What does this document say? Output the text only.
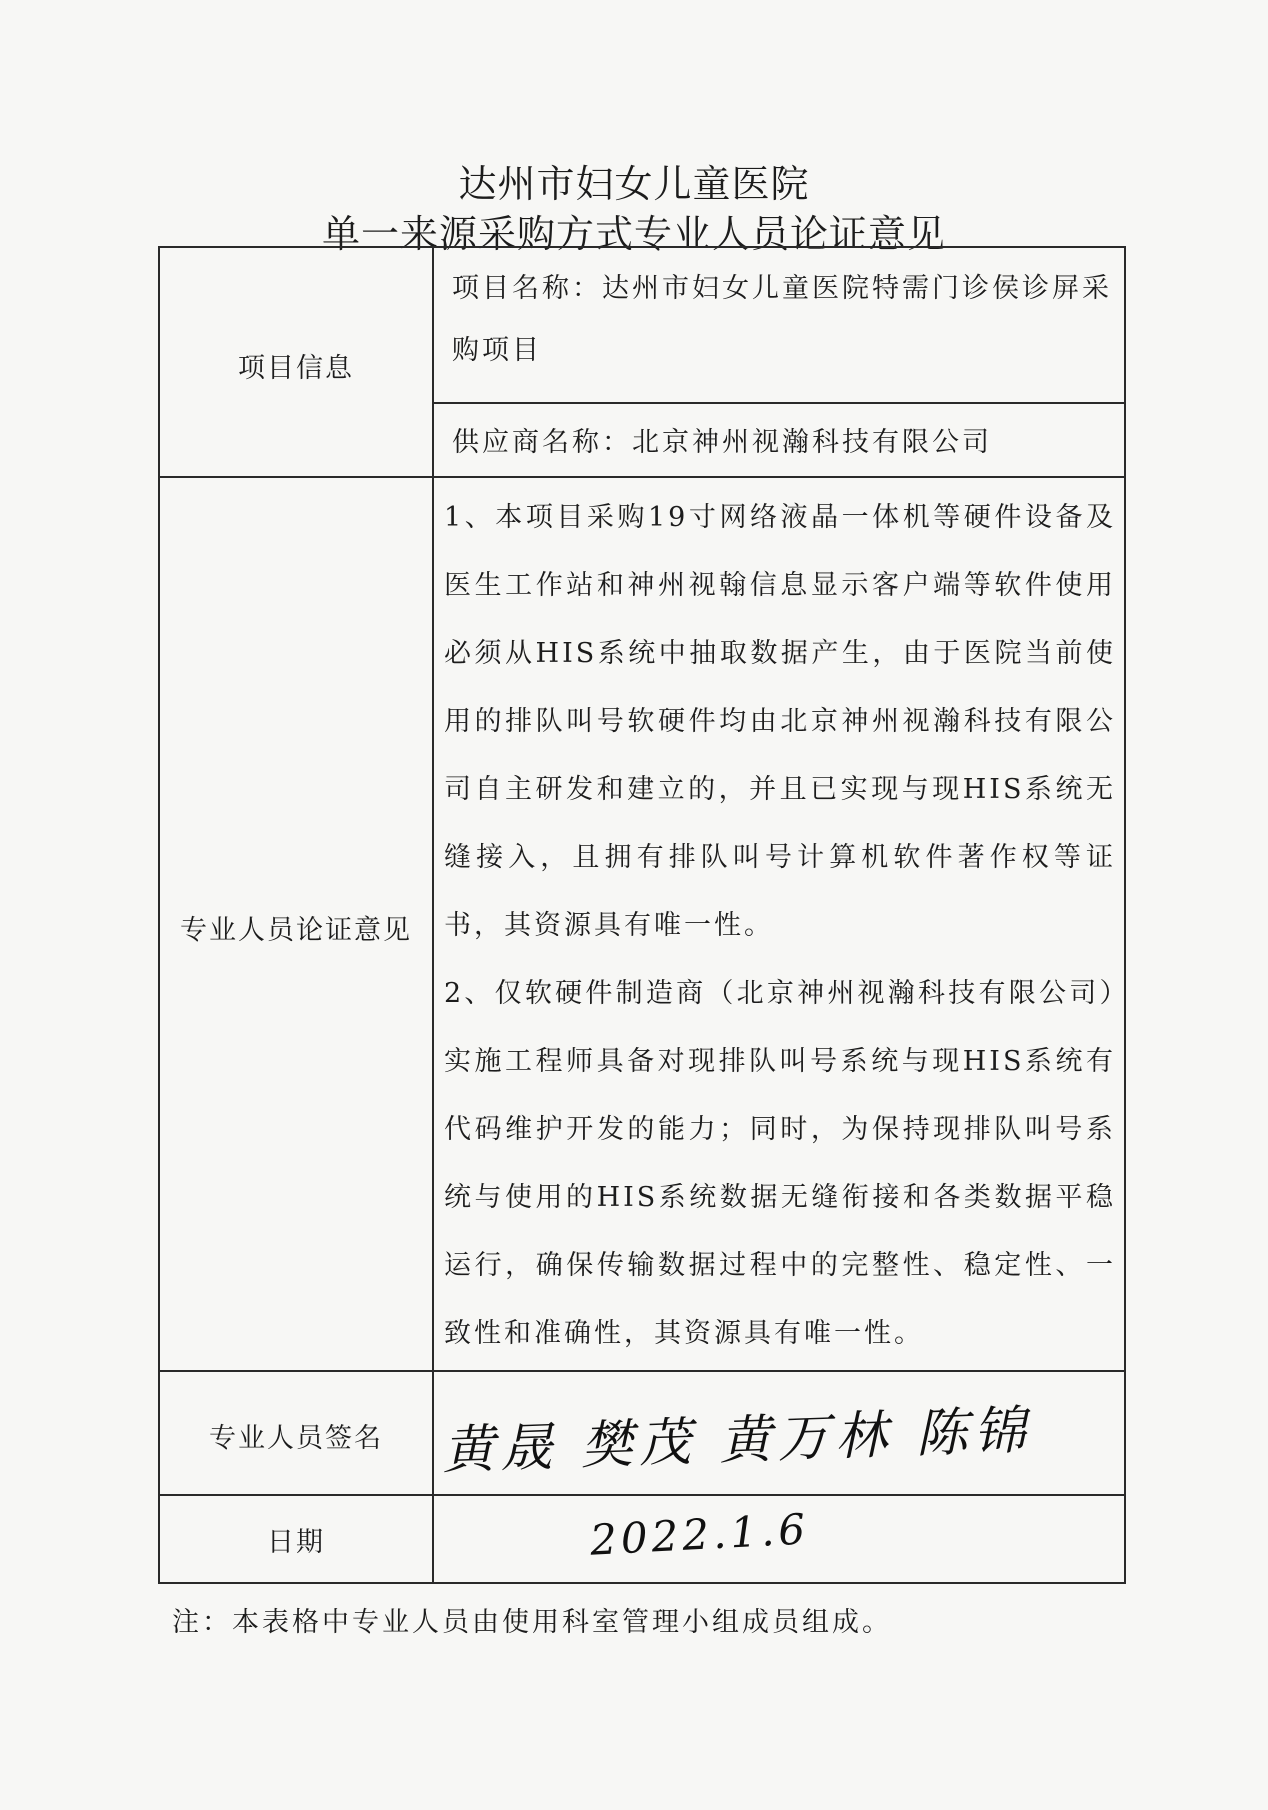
达州市妇女儿童医院
单一来源采购方式专业人员论证意见
项目信息
项目名称：达州市妇女儿童医院特需门诊侯诊屏采购项目
供应商名称：北京神州视瀚科技有限公司
专业人员论证意见

1、本项目采购19寸网络液晶一体机等硬件设备及医生工作站和神州视翰信息显示客户端等软件使用必须从HIS系统中抽取数据产生，由于医院当前使用的排队叫号软硬件均由北京神州视瀚科技有限公司自主研发和建立的，并且已实现与现HIS系统无缝接入，且拥有排队叫号计算机软件著作权等证书，其资源具有唯一性。

2、仅软硬件制造商（北京神州视瀚科技有限公司）实施工程师具备对现排队叫号系统与现HIS系统有代码维护开发的能力；同时，为保持现排队叫号系统与使用的HIS系统数据无缝衔接和各类数据平稳运行，确保传输数据过程中的完整性、稳定性、一致性和准确性，其资源具有唯一性。

专业人员签名	黄晟 樊茂 黄万林 陈锦
日期	2022.1.6
注：本表格中专业人员由使用科室管理小组成员组成。
